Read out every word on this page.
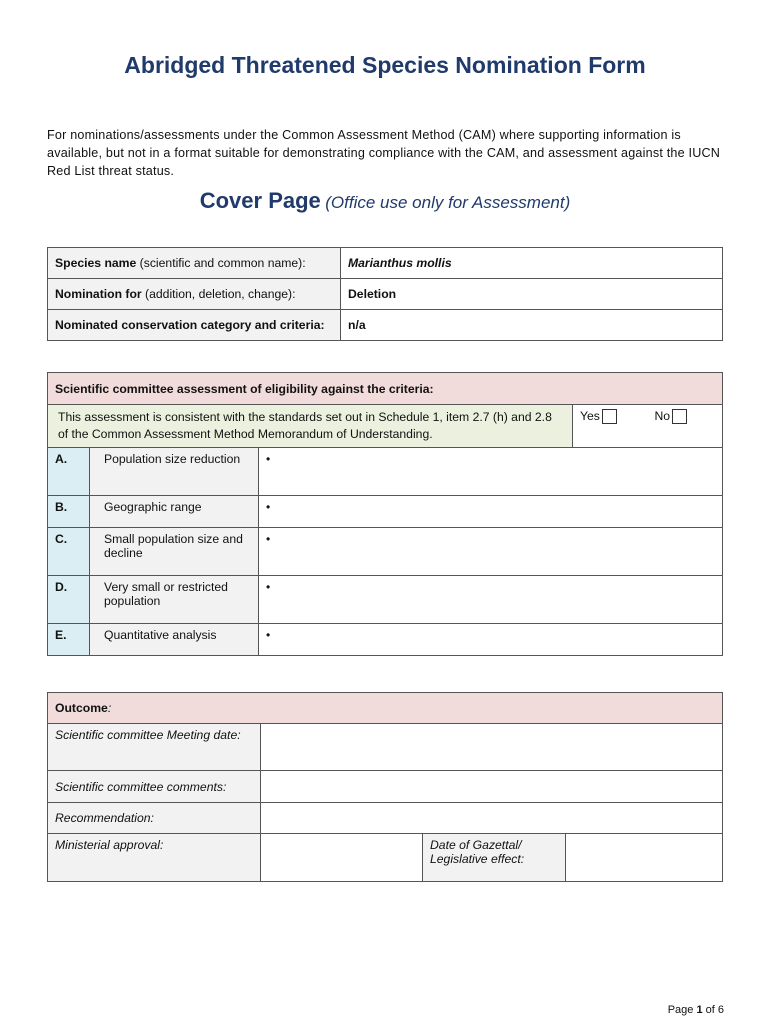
Abridged Threatened Species Nomination Form
For nominations/assessments under the Common Assessment Method (CAM) where supporting information is available, but not in a format suitable for demonstrating compliance with the CAM, and assessment against the IUCN Red List threat status.
Cover Page (Office use only for Assessment)
Species name (scientific and common name):	Marianthus mollis
Nomination for (addition, deletion, change):	Deletion
Nominated conservation category and criteria:	n/a
Scientific committee assessment of eligibility against the criteria:				
This assessment is consistent with the standards set out in Schedule 1, item 2.7 (h) and 2.8 of the Common Assessment Method Memorandum of Understanding.			Yes	No
A.	Population size reduction	•		
B.	Geographic range	•		
C.	Small population size and decline	•		
D.	Very small or restricted population	•		
E.	Quantitative analysis	•		
Outcome:			
Scientific committee Meeting date:			
Scientific committee comments:			
Recommendation:			
Ministerial approval:		Date of Gazettal/ Legislative effect:	
Page 1 of 6
